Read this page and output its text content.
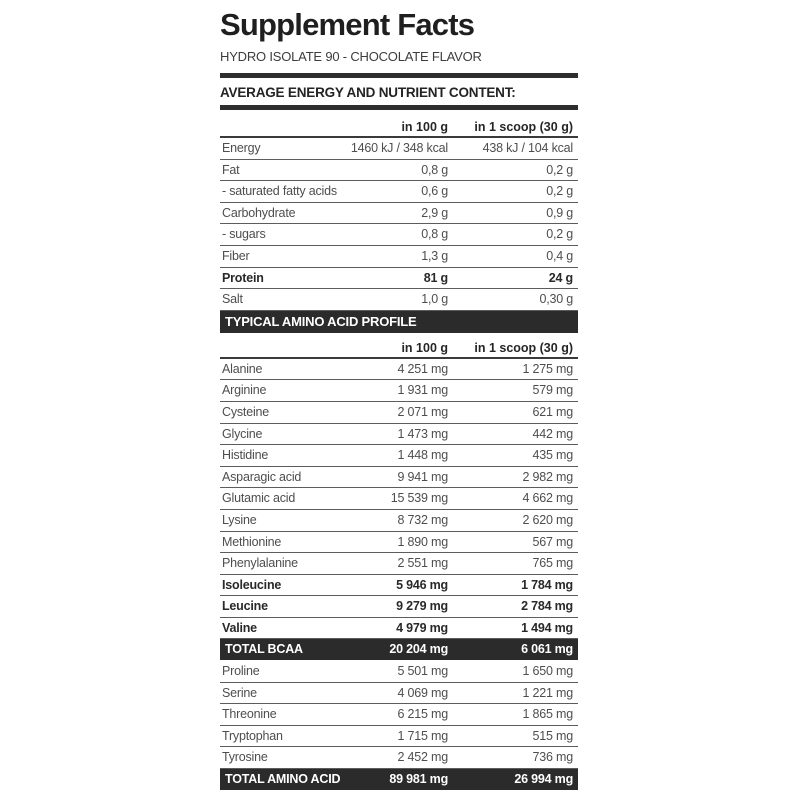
Supplement Facts
HYDRO ISOLATE 90 - CHOCOLATE FLAVOR
AVERAGE ENERGY AND NUTRIENT CONTENT:
in 100 g in 1 scoop (30 g)
Energy	1460 kJ / 348 kcal	438 kJ / 104 kcal
Fat	0,8 g	0,2 g
- saturated fatty acids	0,6 g	0,2 g
Carbohydrate	2,9 g	0,9 g
- sugars	0,8 g	0,2 g
Fiber	1,3 g	0,4 g
Protein	81 g	24 g
Salt	1,0 g	0,30 g
TYPICAL AMINO ACID PROFILE
in 100 g in 1 scoop (30 g)
Alanine	4 251 mg	1 275 mg
Arginine	1 931 mg	579 mg
Cysteine	2 071 mg	621 mg
Glycine	1 473 mg	442 mg
Histidine	1 448 mg	435 mg
Asparagic acid	9 941 mg	2 982 mg
Glutamic acid	15 539 mg	4 662 mg
Lysine	8 732 mg	2 620 mg
Methionine	1 890 mg	567 mg
Phenylalanine	2 551 mg	765 mg
Isoleucine	5 946 mg	1 784 mg
Leucine	9 279 mg	2 784 mg
Valine	4 979 mg	1 494 mg
TOTAL BCAA	20 204 mg	6 061 mg
Proline	5 501 mg	1 650 mg
Serine	4 069 mg	1 221 mg
Threonine	6 215 mg	1 865 mg
Tryptophan	1 715 mg	515 mg
Tyrosine	2 452 mg	736 mg
TOTAL AMINO ACID	89 981 mg	26 994 mg
